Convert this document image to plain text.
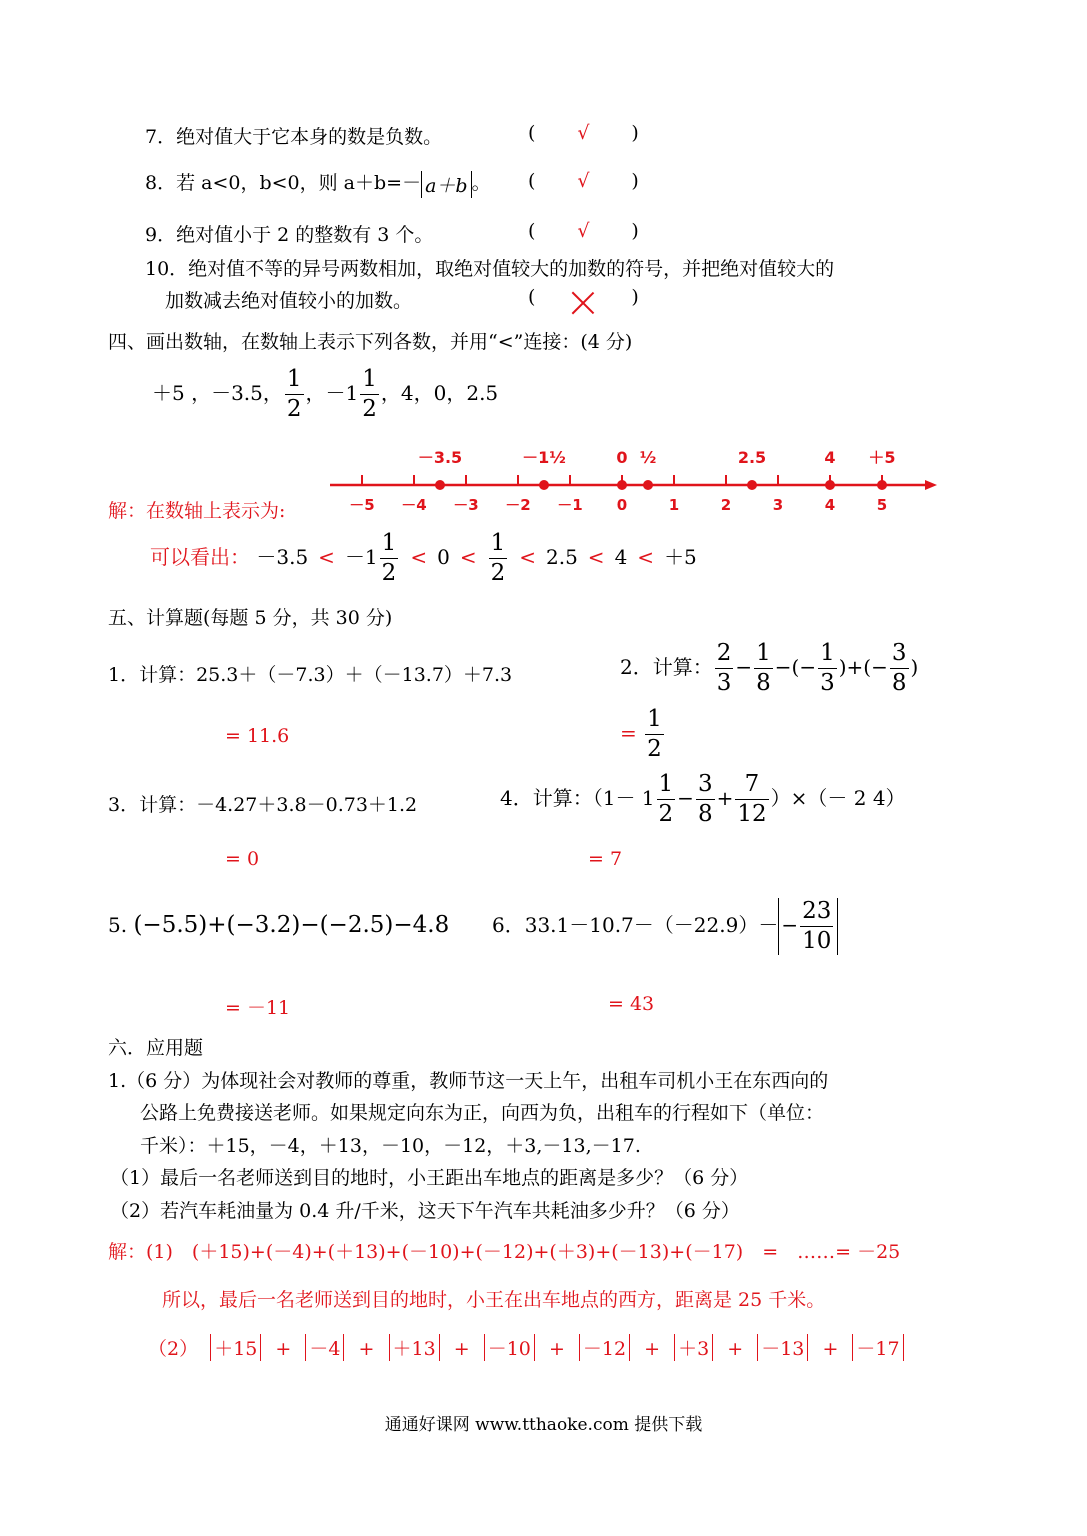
7．绝对值大于它本身的数是负数。	( √ )
8．若 a<0，b<0，则 a＋b=－ a＋b 。 ( √ )
9．绝对值小于 2 的整数有 3 个。	( √ )
10．绝对值不等的异号两数相加，取绝对值较大的加数的符号，并把绝对值较大的
加数减去绝对值较小的加数。	(	)
四、画出数轴，在数轴上表示下列各数，并用“<”连接：(4 分)
＋5 ，－3.5， $\frac{1}{2}$ ，$-1 \frac{1}{2}$ ，4，0，2.5
解：在数轴上表示为:	－5 －4 －3 －2 －1 0	1	2	3	4	5
－3.5	－1½	0 ½	2.5	4 ＋5
可以看出： $-3.5 < -1 \frac{1}{2} < 0 < \frac{1}{2} < 2.5 < 4 < +5$
五、计算题(每题 5 分，共 30 分)
1．计算：25.3＋（－7.3）＋（－13.7）＋7.3
= 11.6
2．计算： $\frac{2}{3} - \frac{1}{8}$ −(− $\frac{1}{3}$ )+(− $\frac{3}{8}$ )
= $\frac{1}{2}$
3．计算：－4.27＋3.8－0.73＋1.2
= 0
4．计算：（$1- 1 \frac{1}{2} - \frac{3}{8} + \frac{7}{12}$ ）×（－ 2 4）
= 7
5. (−5.5)+(−3.2)−(−2.5)−4.8
= －11
6．$33.1-10.7-(-22.9)- - \frac{23}{10}$
= 43
六．应用题
1.（6 分）为体现社会对教师的尊重，教师节这一天上午，出租车司机小王在东西向的
公路上免费接送老师。如果规定向东为正，向西为负，出租车的行程如下（单位：
千米）：＋15，－4，＋13，－10，－12，＋3,－13,－17.
（1）最后一名老师送到目的地时，小王距出车地点的距离是多少？（6 分）
（2）若汽车耗油量为 0.4 升/千米，这天下午汽车共耗油多少升？（6 分）
解：(1)　(＋15)+(－4)+(＋13)+(－10)+(－12)+(＋3)+(－13)+(－17)　=　……= －25
所以，最后一名老师送到目的地时，小王在出车地点的西方，距离是 25 千米。
（2） ＋15 + －4 + ＋13 + －10 + －12 + ＋3 + －13 + －17
通通好课网 www.tthaoke.com 提供下载
